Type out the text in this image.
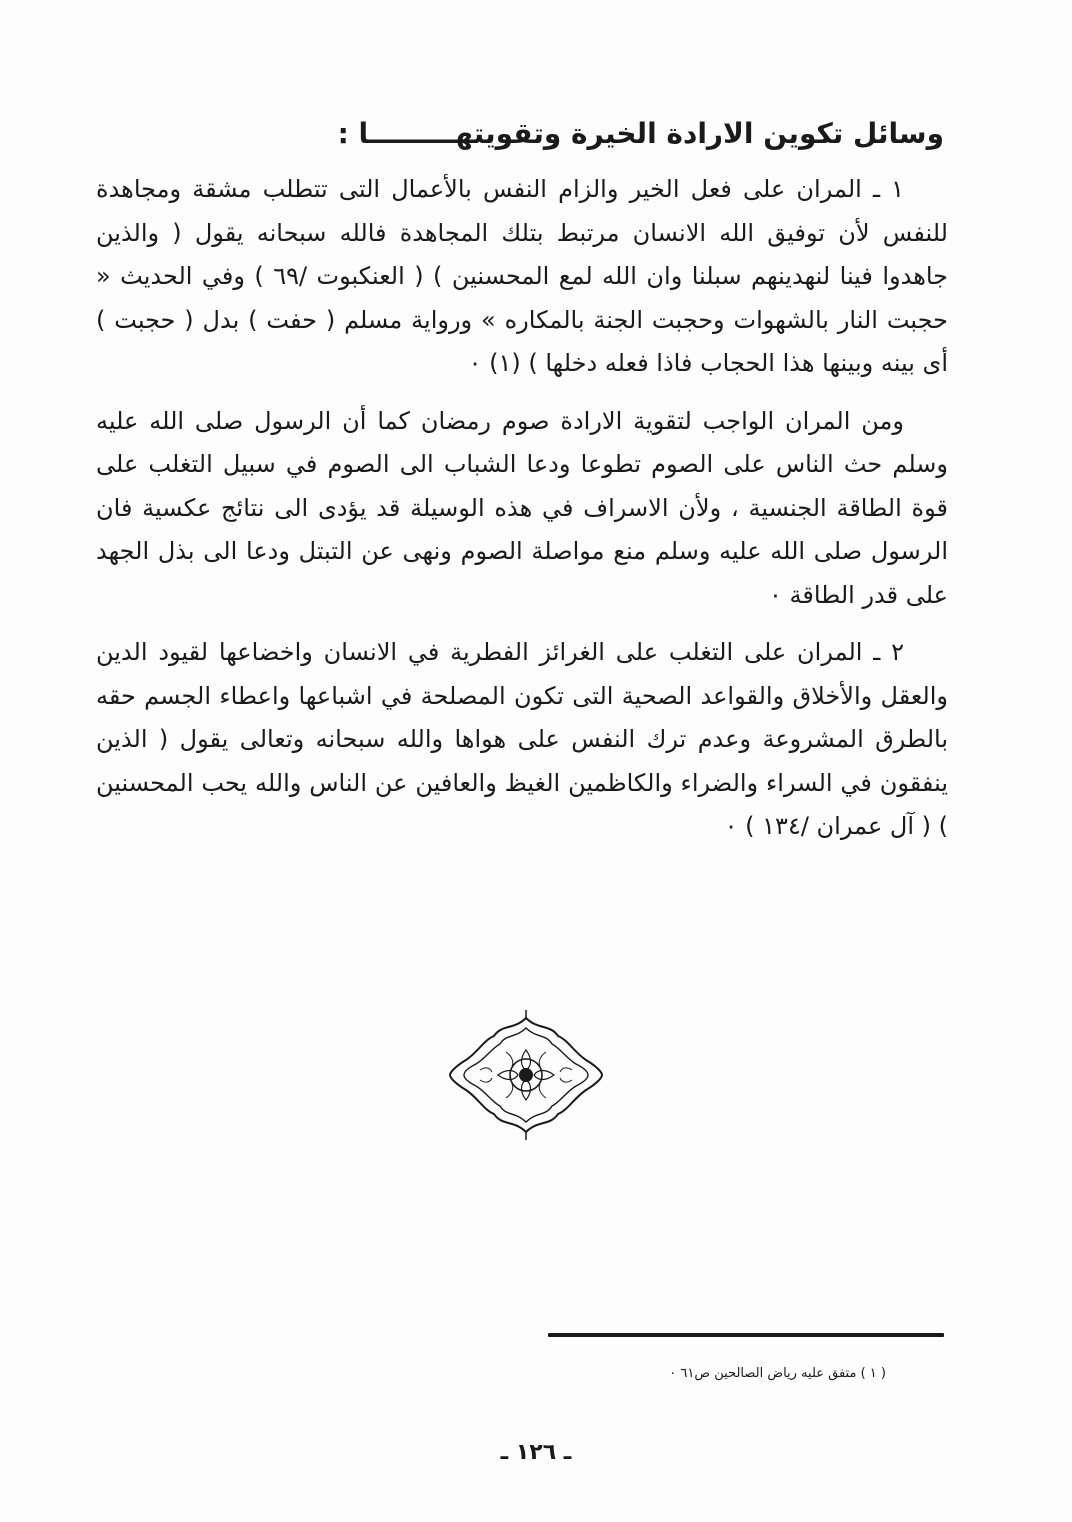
وسائل تكوين الارادة الخيرة وتقويتهـــــــــا :

١ ـ المران على فعل الخير والزام النفس بالأعمال التى تتطلب مشقة ومجاهدة للنفس لأن توفيق الله الانسان مرتبط بتلك المجاهدة فالله سبحانه يقول ( والذين جاهدوا فينا لنهدينهم سبلنا وان الله لمع المحسنين ) ( العنكبوت /٦٩ ) وفي الحديث « حجبت النار بالشهوات وحجبت الجنة بالمكاره » ورواية مسلم ( حفت ) بدل ( حجبت ) أى بينه وبينها هذا الحجاب فاذا فعله دخلها ) (١) ٠

ومن المران الواجب لتقوية الارادة صوم رمضان كما أن الرسول صلى الله عليه وسلم حث الناس على الصوم تطوعا ودعا الشباب الى الصوم في سبيل التغلب على قوة الطاقة الجنسية ، ولأن الاسراف في هذه الوسيلة قد يؤدى الى نتائج عكسية فان الرسول صلى الله عليه وسلم منع مواصلة الصوم ونهى عن التبتل ودعا الى بذل الجهد على قدر الطاقة ٠

٢ ـ المران على التغلب على الغرائز الفطرية في الانسان واخضاعها لقيود الدين والعقل والأخلاق والقواعد الصحية التى تكون المصلحة في اشباعها واعطاء الجسم حقه بالطرق المشروعة وعدم ترك النفس على هواها والله سبحانه وتعالى يقول ( الذين ينفقون في السراء والضراء والكاظمين الغيظ والعافين عن الناس والله يحب المحسنين ) ( آل عمران /١٣٤ ) ٠

( ١ ) متفق عليه رياض الصالحين ص٦١ ٠
ـ ١٢٦ ـ
